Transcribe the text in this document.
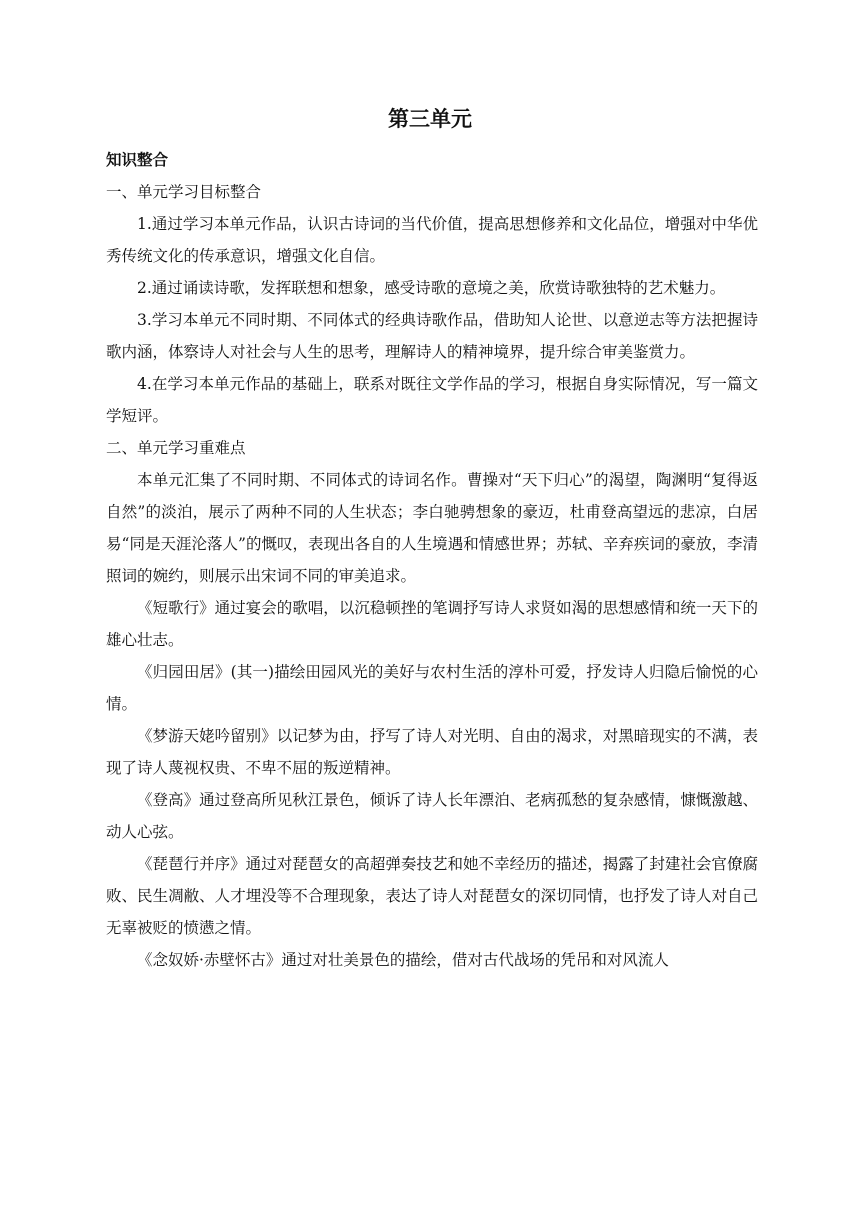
第三单元

知识整合

一、单元学习目标整合

1.通过学习本单元作品，认识古诗词的当代价值，提高思想修养和文化品位，增强对中华优秀传统文化的传承意识，增强文化自信。

2.通过诵读诗歌，发挥联想和想象，感受诗歌的意境之美，欣赏诗歌独特的艺术魅力。

3.学习本单元不同时期、不同体式的经典诗歌作品，借助知人论世、以意逆志等方法把握诗歌内涵，体察诗人对社会与人生的思考，理解诗人的精神境界，提升综合审美鉴赏力。

4.在学习本单元作品的基础上，联系对既往文学作品的学习，根据自身实际情况，写一篇文学短评。

二、单元学习重难点

本单元汇集了不同时期、不同体式的诗词名作。曹操对“天下归心”的渴望，陶渊明“复得返自然”的淡泊，展示了两种不同的人生状态；李白驰骋想象的豪迈，杜甫登高望远的悲凉，白居易“同是天涯沦落人”的慨叹，表现出各自的人生境遇和情感世界；苏轼、辛弃疾词的豪放，李清照词的婉约，则展示出宋词不同的审美追求。

《短歌行》通过宴会的歌唱，以沉稳顿挫的笔调抒写诗人求贤如渴的思想感情和统一天下的雄心壮志。

《归园田居》(其一)描绘田园风光的美好与农村生活的淳朴可爱，抒发诗人归隐后愉悦的心情。

《梦游天姥吟留别》以记梦为由，抒写了诗人对光明、自由的渴求，对黑暗现实的不满，表现了诗人蔑视权贵、不卑不屈的叛逆精神。

《登高》通过登高所见秋江景色，倾诉了诗人长年漂泊、老病孤愁的复杂感情，慷慨激越、动人心弦。

《琵琶行并序》通过对琵琶女的高超弹奏技艺和她不幸经历的描述，揭露了封建社会官僚腐败、民生凋敝、人才埋没等不合理现象，表达了诗人对琵琶女的深切同情，也抒发了诗人对自己无辜被贬的愤懑之情。

《念奴娇·赤壁怀古》通过对壮美景色的描绘，借对古代战场的凭吊和对风流人
